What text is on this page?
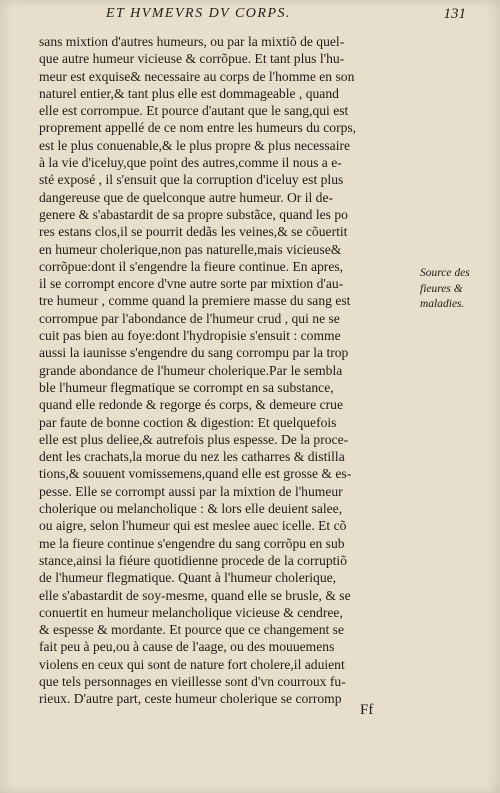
ET HVMEVRS DV CORPS.	131
sans mixtion d'autres humeurs, ou par la mixtiõ de quel-
que autre humeur vicieuse & corrõpue. Et tant plus l'hu-
meur est exquise& necessaire au corps de l'homme en son
naturel entier,& tant plus elle est dommageable , quand
elle est corrompue. Et pource d'autant que le sang,qui est
proprement appellé de ce nom entre les humeurs du corps,
est le plus conuenable,& le plus propre & plus necessaire
à la vie d'iceluy,que point des autres,comme il nous a e-
sté exposé , il s'ensuit que la corruption d'iceluy est plus
dangereuse que de quelconque autre humeur. Or il de-
genere & s'abastardit de sa propre substãce, quand les po
res estans clos,il se pourrit dedãs les veines,& se cõuertit
en humeur cholerique,non pas naturelle,mais vicieuse&
corrõpue:dont il s'engendre la fieure continue. En apres,
il se corrompt encore d'vne autre sorte par mixtion d'au-
tre humeur , comme quand la premiere masse du sang est
corrompue par l'abondance de l'humeur crud , qui ne se
cuit pas bien au foye:dont l'hydropisie s'ensuit : comme
aussi la iaunisse s'engendre du sang corrompu par la trop
grande abondance de l'humeur cholerique.Par le sembla
ble l'humeur flegmatique se corrompt en sa substance,
quand elle redonde & regorge és corps, & demeure crue
par faute de bonne coction & digestion: Et quelquefois
elle est plus deliee,& autrefois plus espesse. De la proce-
dent les crachats,la morue du nez les catharres & distilla
tions,& souuent vomissemens,quand elle est grosse & es-
pesse. Elle se corrompt aussi par la mixtion de l'humeur
cholerique ou melancholique : & lors elle deuient salee,
ou aigre, selon l'humeur qui est meslee auec icelle. Et cõ
me la fieure continue s'engendre du sang corrõpu en sub
stance,ainsi la fiéure quotidienne procede de la corruptiõ
de l'humeur flegmatique. Quant à l'humeur cholerique,
elle s'abastardit de soy-mesme, quand elle se brusle, & se
conuertit en humeur melancholique vicieuse & cendree,
& espesse & mordante. Et pource que ce changement se
fait peu à peu,ou à cause de l'aage, ou des mouuemens
violens en ceux qui sont de nature fort cholere,il aduient
que tels personnages en vieillesse sont d'vn courroux fu-
rieux. D'autre part, ceste humeur cholerique se corromp
Source des
fieures &
maladies.
Ff
